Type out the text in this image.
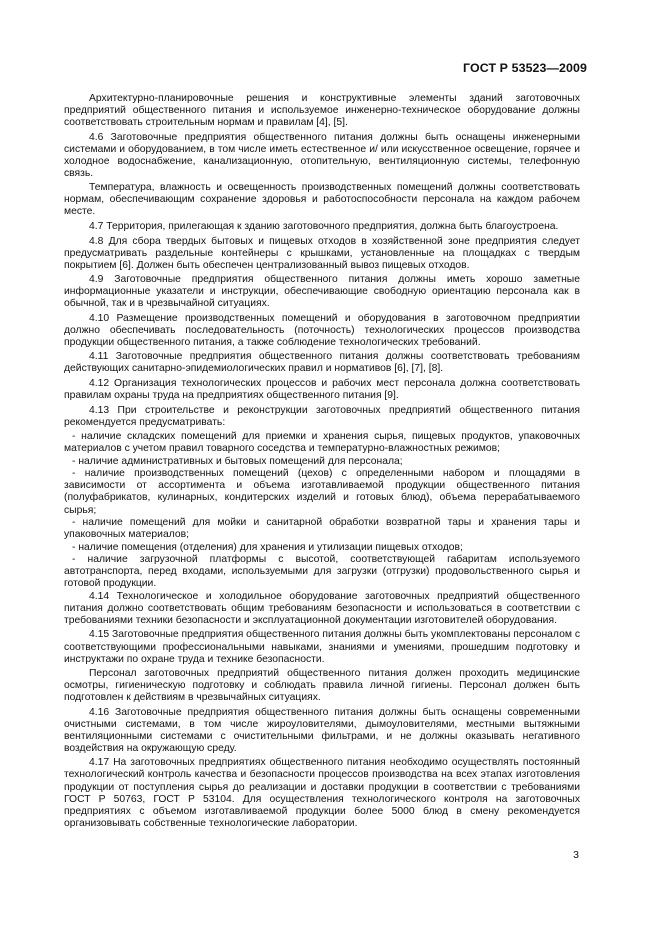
ГОСТ Р 53523—2009

Архитектурно-планировочные решения и конструктивные элементы зданий заготовочных предприятий общественного питания и используемое инженерно-техническое оборудование должны соответствовать строительным нормам и правилам [4], [5].

4.6 Заготовочные предприятия общественного питания должны быть оснащены инженерными системами и оборудованием, в том числе иметь естественное и/ или искусственное освещение, горячее и холодное водоснабжение, канализационную, отопительную, вентиляционную системы, телефонную связь.

Температура, влажность и освещенность производственных помещений должны соответствовать нормам, обеспечивающим сохранение здоровья и работоспособности персонала на каждом рабочем месте.

4.7 Территория, прилегающая к зданию заготовочного предприятия, должна быть благоустроена.

4.8 Для сбора твердых бытовых и пищевых отходов в хозяйственной зоне предприятия следует предусматривать раздельные контейнеры с крышками, установленные на площадках с твердым покрытием [6]. Должен быть обеспечен централизованный вывоз пищевых отходов.

4.9 Заготовочные предприятия общественного питания должны иметь хорошо заметные информационные указатели и инструкции, обеспечивающие свободную ориентацию персонала как в обычной, так и в чрезвычайной ситуациях.

4.10 Размещение производственных помещений и оборудования в заготовочном предприятии должно обеспечивать последовательность (поточность) технологических процессов производства продукции общественного питания, а также соблюдение технологических требований.

4.11 Заготовочные предприятия общественного питания должны соответствовать требованиям действующих санитарно-эпидемиологических правил и нормативов [6], [7], [8].

4.12 Организация технологических процессов и рабочих мест персонала должна соответствовать правилам охраны труда на предприятиях общественного питания [9].

4.13 При строительстве и реконструкции заготовочных предприятий общественного питания рекомендуется предусматривать:

- наличие складских помещений для приемки и хранения сырья, пищевых продуктов, упаковочных материалов с учетом правил товарного соседства и температурно-влажностных режимов;

- наличие административных и бытовых помещений для персонала;

- наличие производственных помещений (цехов) с определенными набором и площадями в зависимости от ассортимента и объема изготавливаемой продукции общественного питания (полуфабрикатов, кулинарных, кондитерских изделий и готовых блюд), объема перерабатываемого сырья;

- наличие помещений для мойки и санитарной обработки возвратной тары и хранения тары и упаковочных материалов;

- наличие помещения (отделения) для хранения и утилизации пищевых отходов;

- наличие загрузочной платформы с высотой, соответствующей габаритам используемого автотранспорта, перед входами, используемыми для загрузки (отгрузки) продовольственного сырья и готовой продукции.

4.14 Технологическое и холодильное оборудование заготовочных предприятий общественного питания должно соответствовать общим требованиям безопасности и использоваться в соответствии с требованиями техники безопасности и эксплуатационной документации изготовителей оборудования.

4.15 Заготовочные предприятия общественного питания должны быть укомплектованы персоналом с соответствующими профессиональными навыками, знаниями и умениями, прошедшим подготовку и инструктажи по охране труда и технике безопасности.

Персонал заготовочных предприятий общественного питания должен проходить медицинские осмотры, гигиеническую подготовку и соблюдать правила личной гигиены. Персонал должен быть подготовлен к действиям в чрезвычайных ситуациях.

4.16 Заготовочные предприятия общественного питания должны быть оснащены современными очистными системами, в том числе жироуловителями, дымоуловителями, местными вытяжными вентиляционными системами с очистительными фильтрами, и не должны оказывать негативного воздействия на окружающую среду.

4.17 На заготовочных предприятиях общественного питания необходимо осуществлять постоянный технологический контроль качества и безопасности процессов производства на всех этапах изготовления продукции от поступления сырья до реализации и доставки продукции в соответствии с требованиями ГОСТ Р 50763, ГОСТ Р 53104. Для осуществления технологического контроля на заготовочных предприятиях с объемом изготавливаемой продукции более 5000 блюд в смену рекомендуется организовывать собственные технологические лаборатории.

3
